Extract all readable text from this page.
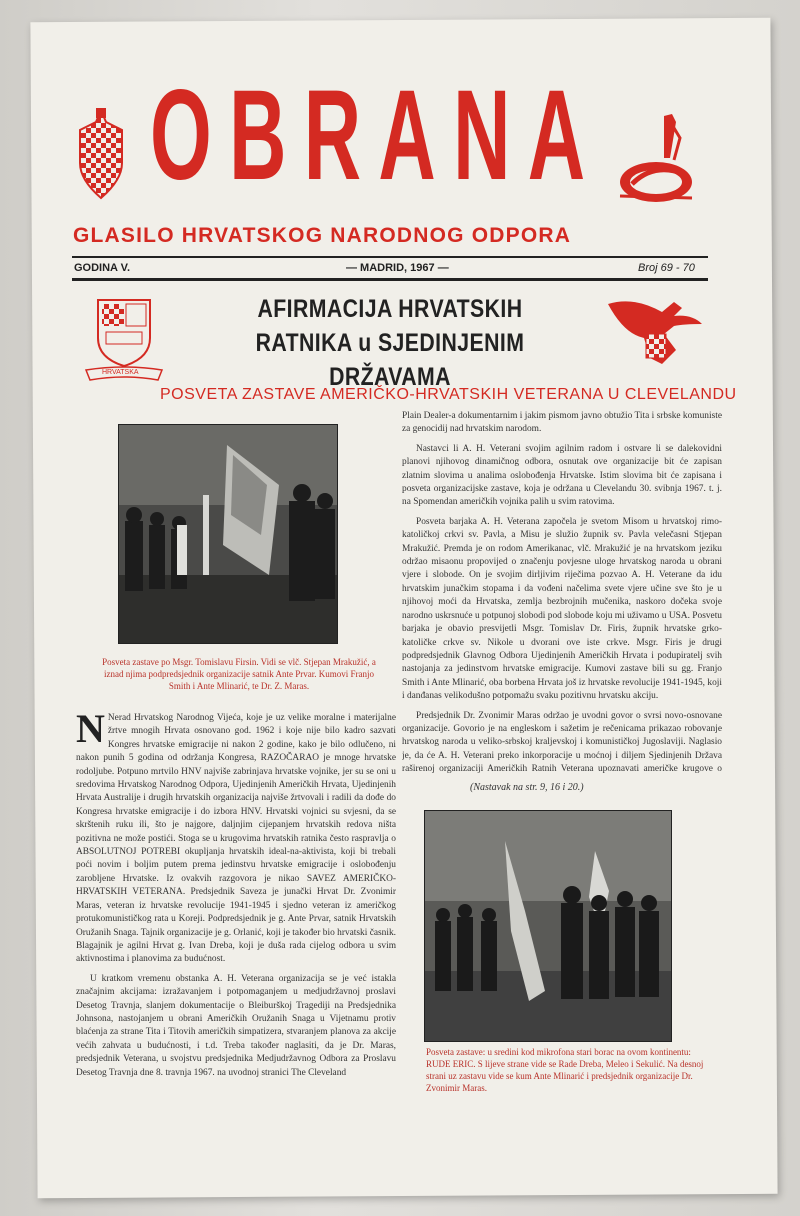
OBRANA
GLASILO HRVATSKOG NARODNOG ODPORA
GODINA V.	— MADRID, 1967 —	Broj 69 - 70
HRVATSKA
AFIRMACIJA HRVATSKIH RATNIKA u SJEDINJENIM
DRŽAVAMA
POSVETA ZASTAVE AMERIČKO-HRVATSKIH VETERANA U CLEVELANDU
Posveta zastave po Msgr. Tomislavu Firsin. Vidi se vlč. Stjepan Mrakužić, a iznad njima podpredsjednik organizacije satnik Ante Prvar. Kumovi Franjo Smith i Ante Mlinarić, te Dr. Z. Maras.

N Nerad Hrvatskog Narodnog Vijeća, koje je uz velike moralne i materijalne žrtve mnogih Hrvata osnovano god. 1962 i koje nije bilo kadro sazvati Kongres hrvatske emigracije ni nakon 2 godine, kako je bilo odlučeno, ni nakon punih 5 godina od održanja Kongresa, RAZOČARAO je mnoge hrvatske rodoljube. Potpuno mrtvilo HNV najviše zabrinjava hrvatske vojnike, jer su se oni u sredovima Hrvatskog Narodnog Odpora, Ujedinjenih Američkih Hrvata, Ujedinjenih Hrvata Australije i drugih hrvatskih organizacija najviše žrtvovali i radili da dođe do Kongresa hrvatske emigracije i do izbora HNV. Hrvatski vojnici su svjesni, da se skrštenih ruku ili, što je najgore, daljnjim cijepanjem hrvatskih redova ništa pozitivna ne može postići. Stoga se u krugovima hrvatskih ratnika često raspravlja o ABSOLUTNOJ POTREBI okupljanja hrvatskih ideal-na-aktivista, koji bi trebali poći novim i boljim putem prema jedinstvu hrvatske emigracije i oslobođenju zarobljene Hrvatske. Iz ovakvih razgovora je nikao SAVEZ AMERIČKO-HRVATSKIH VETERANA. Predsjednik Saveza je junački Hrvat Dr. Zvonimir Maras, veteran iz hrvatske revolucije 1941-1945 i sjedno veteran iz američkog protukomunističkog rata u Koreji. Podpredsjednik je g. Ante Prvar, satnik Hrvatskih Oružanih Snaga. Tajnik organizacije je g. Orlanić, koji je također bio hrvatski časnik. Blagajnik je agilni Hrvat g. Ivan Dreba, koji je duša rada cijelog odbora u svim aktivnostima i planovima za budućnost.

U kratkom vremenu obstanka A. H. Veterana organizacija se je već istakla značajnim akcijama: izražavanjem i potpomaganjem u medjudržavnoj proslavi Desetog Travnja, slanjem dokumentacije o Bleiburškoj Tragediji na Predsjednika Johnsona, nastojanjem u obrani Američkih Oružanih Snaga u Vijetnamu protiv blaćenja za strane Tita i Titovih američkih simpatizera, stvaranjem planova za akcije većih zahvata u budućnosti, i t.d. Treba također naglasiti, da je Dr. Maras, predsjednik Veterana, u svojstvu predsjednika Medjudržavnog Odbora za Proslavu Desetog Travnja dne 8. travnja 1967. na uvodnoj stranici The Cleveland

Plain Dealer-a dokumentarnim i jakim pismom javno obtužio Tita i srbske komuniste za genocidij nad hrvatskim narodom.

Nastavci li A. H. Veterani svojim agilnim radom i ostvare li se dalekovidni planovi njihovog dinamičnog odbora, osnutak ove organizacije bit će zapisan zlatnim slovima u analima oslobođenja Hrvatske. Istim slovima bit će zapisana i posveta organizacijske zastave, koja je održana u Clevelandu 30. svibnja 1967. t. j. na Spomendan američkih vojnika palih u svim ratovima.

Posveta barjaka A. H. Veterana započela je svetom Misom u hrvatskoj rimo-katoličkoj crkvi sv. Pavla, a Misu je služio župnik sv. Pavla velečasni Stjepan Mrakužić. Premda je on rodom Amerikanac, vlč. Mrakužić je na hrvatskom jeziku održao misaonu propovijed o značenju povjesne uloge hrvatskog naroda u obrani vjere i slobode. On je svojim dirljivim riječima pozvao A. H. Veterane da idu hrvatskim junačkim stopama i da vođeni načelima svete vjere učine sve što je u njihovoj moći da Hrvatska, zemlja bezbrojnih mučenika, naskoro dočeka svoje narodno uskrsnuće u potpunoj slobodi pod slobode koju mi uživamo u USA. Posvetu barjaka je obavio presvijetli Msgr. Tomislav Dr. Firis, župnik hrvatske grko-katoličke crkve sv. Nikole u dvorani ove iste crkve. Msgr. Firis je drugi podpredsjednik Glavnog Odbora Ujedinjenih Američkih Hrvata i podupiratelj svih nastojanja za jedinstvom hrvatske emigracije. Kumovi zastave bili su gg. Franjo Smith i Ante Mlinarić, oba borbena Hrvata još iz hrvatske revolucije 1941-1945, koji i danđanas velikodušno potpomažu svaku pozitivnu hrvatsku akciju.

Predsjednik Dr. Zvonimir Maras održao je uvodni govor o svrsi novo-osnovane organizacije. Govorio je na engleskom i sažetim je rečenicama prikazao robovanje hrvatskog naroda u veliko-srbskoj kraljevskoj i komunističkoj Jugoslaviji. Naglasio je, da će A. H. Veterani preko inkorporacije u moćnoj i diljem Sjedinjenih Država raširenoj organizaciji Američkih Ratnih Veterana upoznavati američke krugove o

(Nastavak na str. 9, 16 i 20.)
Posveta zastave: u sredini kod mikrofona stari borac na ovom kontinentu: RUDE ERIC. S lijeve strane vide se Rade Dreba, Meleo i Sekulić. Na desnoj strani uz zastavu vide se kum Ante Mlinarić i predsjednik organizacije Dr. Zvonimir Maras.
